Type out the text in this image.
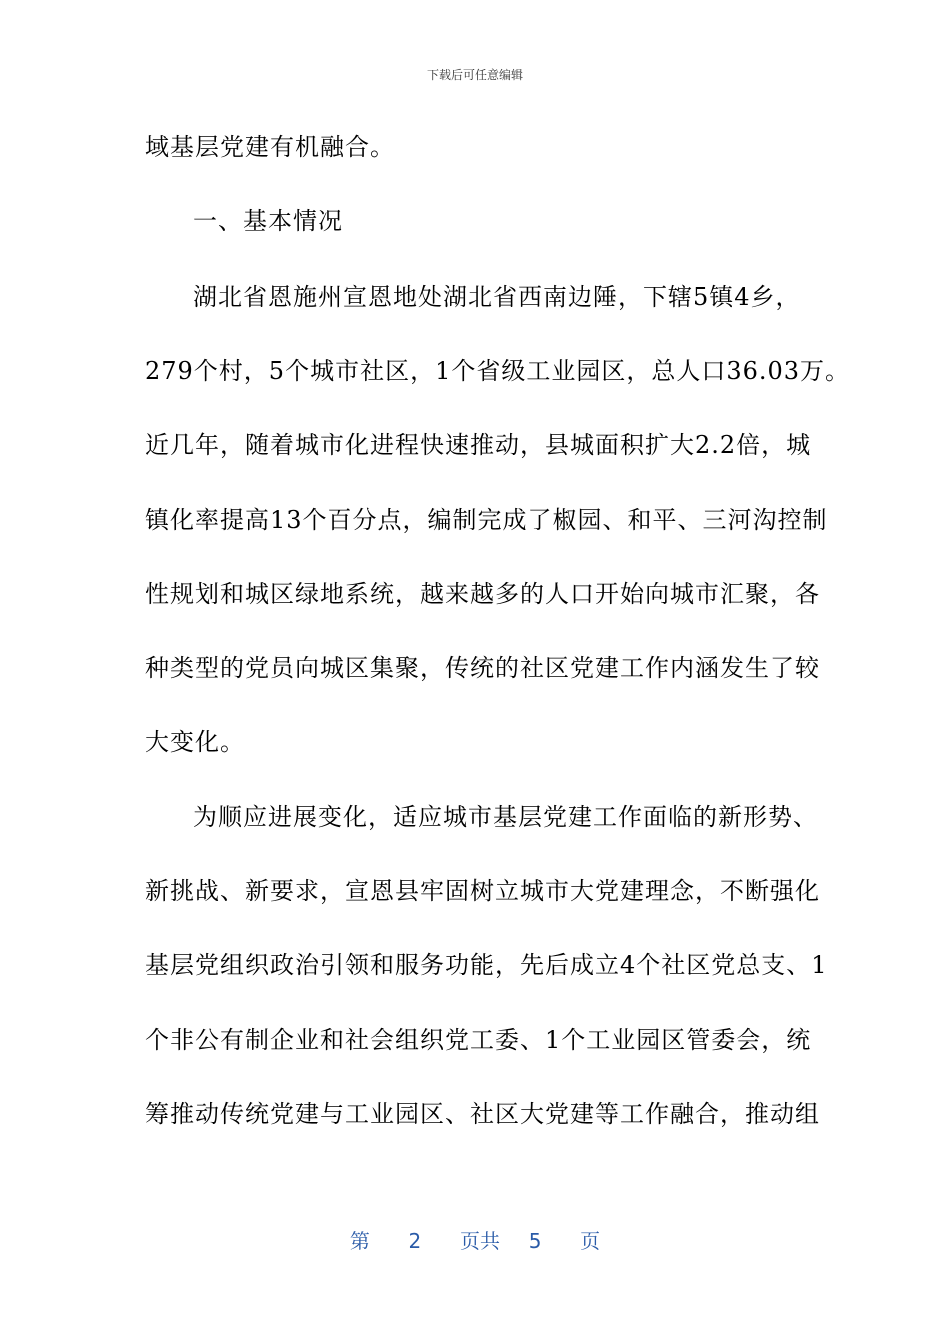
下载后可任意编辑
域基层党建有机融合。
一、基本情况
湖北省恩施州宣恩地处湖北省西南边陲，下辖5镇4乡，
279个村，5个城市社区，1个省级工业园区，总人口36.03万。
近几年，随着城市化进程快速推动，县城面积扩大2.2倍，城
镇化率提高13个百分点，编制完成了椒园、和平、三河沟控制
性规划和城区绿地系统，越来越多的人口开始向城市汇聚，各
种类型的党员向城区集聚，传统的社区党建工作内涵发生了较
大变化。
为顺应进展变化，适应城市基层党建工作面临的新形势、
新挑战、新要求，宣恩县牢固树立城市大党建理念，不断强化
基层党组织政治引领和服务功能，先后成立4个社区党总支、1
个非公有制企业和社会组织党工委、1个工业园区管委会，统
筹推动传统党建与工业园区、社区大党建等工作融合，推动组
第 2 页共 5 页
